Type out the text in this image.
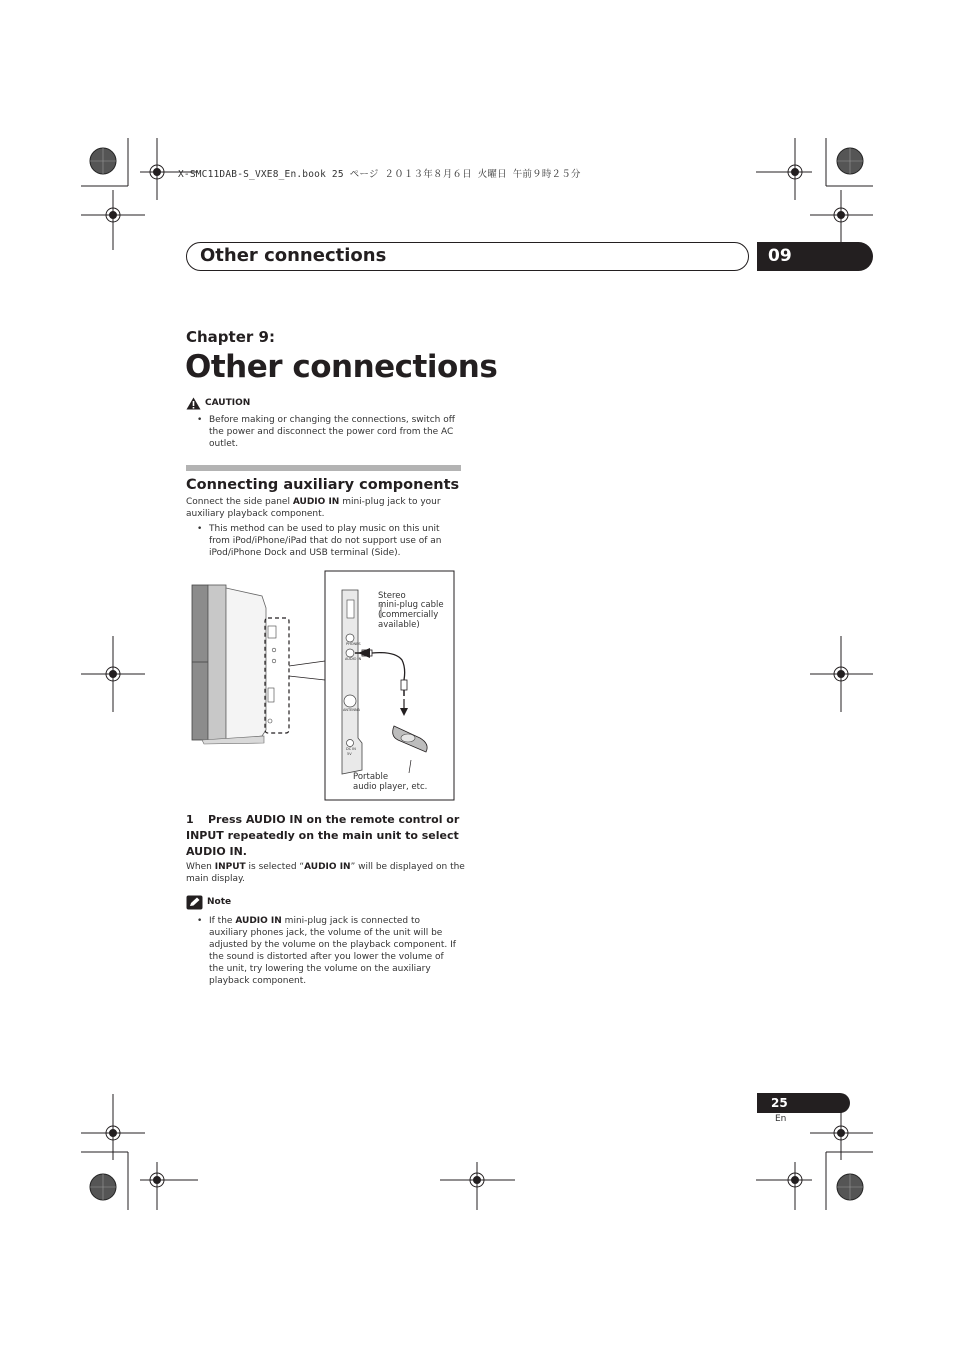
X-SMC11DAB-S_VXE8_En.book 25 ページ ２０１３年８月６日 火曜日 午前９時２５分
Other connections	09
Chapter 9:
Other connections
CAUTION
• Before making or changing the connections, switch off the power and disconnect the power cord from the AC outlet.
Connecting auxiliary components

Connect the side panel AUDIO IN mini-plug jack to your auxiliary playback component.

• This method can be used to play music on this unit from iPod/iPhone/iPad that do not support use of an iPod/iPhone Dock and USB terminal (Side).
PHONES
AUDIO IN
ANTENNA
DC IN
5V
Stereo
mini-plug cable
(commercially
available)
Portable
audio player, etc.
1 Press AUDIO IN on the remote control or INPUT repeatedly on the main unit to select AUDIO IN.

When INPUT is selected “AUDIO IN” will be displayed on the main display.

Note
• If the AUDIO IN mini-plug jack is connected to auxiliary phones jack, the volume of the unit will be adjusted by the volume on the playback component. If the sound is distorted after you lower the volume of the unit, try lowering the volume on the auxiliary playback component.
25
En
